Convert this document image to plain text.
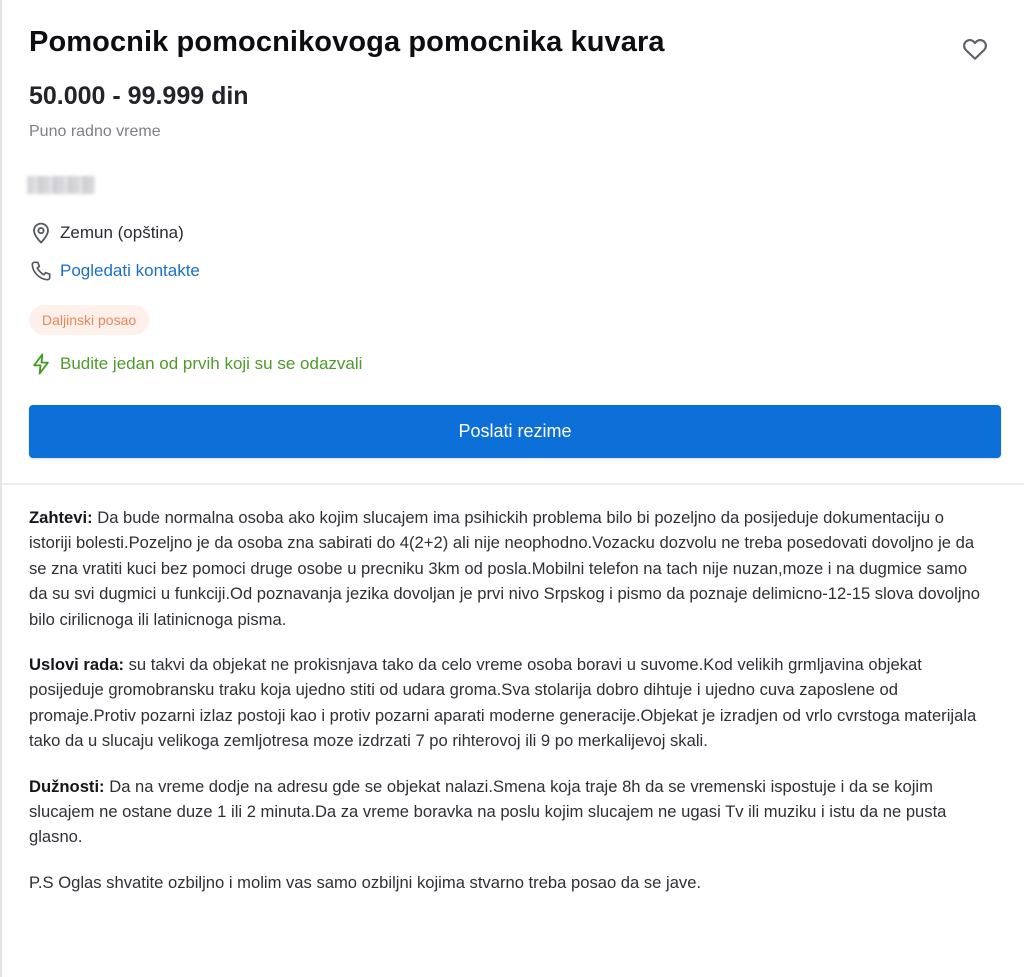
Pomocnik pomocnikovoga pomocnika kuvara
50.000 - 99.999 din
Puno radno vreme
Zemun (opština)
Pogledati kontakte
Daljinski posao
Budite jedan od prvih koji su se odazvali
Poslati rezime

Zahtevi: Da bude normalna osoba ako kojim slucajem ima psihickih problema bilo bi pozeljno da posijeduje dokumentaciju o istoriji bolesti.Pozeljno je da osoba zna sabirati do 4(2+2) ali nije neophodno.Vozacku dozvolu ne treba posedovati dovoljno je da se zna vratiti kuci bez pomoci druge osobe u precniku 3km od posla.Mobilni telefon na tach nije nuzan,moze i na dugmice samo da su svi dugmici u funkciji.Od poznavanja jezika dovoljan je prvi nivo Srpskog i pismo da poznaje delimicno-12-15 slova dovoljno bilo cirilicnoga ili latinicnoga pisma.

Uslovi rada: su takvi da objekat ne prokisnjava tako da celo vreme osoba boravi u suvome.Kod velikih grmljavina objekat posijeduje gromobransku traku koja ujedno stiti od udara groma.Sva stolarija dobro dihtuje i ujedno cuva zaposlene od promaje.Protiv pozarni izlaz postoji kao i protiv pozarni aparati moderne generacije.Objekat je izradjen od vrlo cvrstoga materijala tako da u slucaju velikoga zemljotresa moze izdrzati 7 po rihterovoj ili 9 po merkalijevoj skali.

Dužnosti: Da na vreme dodje na adresu gde se objekat nalazi.Smena koja traje 8h da se vremenski ispostuje i da se kojim slucajem ne ostane duze 1 ili 2 minuta.Da za vreme boravka na poslu kojim slucajem ne ugasi Tv ili muziku i istu da ne pusta glasno.

P.S Oglas shvatite ozbiljno i molim vas samo ozbiljni kojima stvarno treba posao da se jave.
